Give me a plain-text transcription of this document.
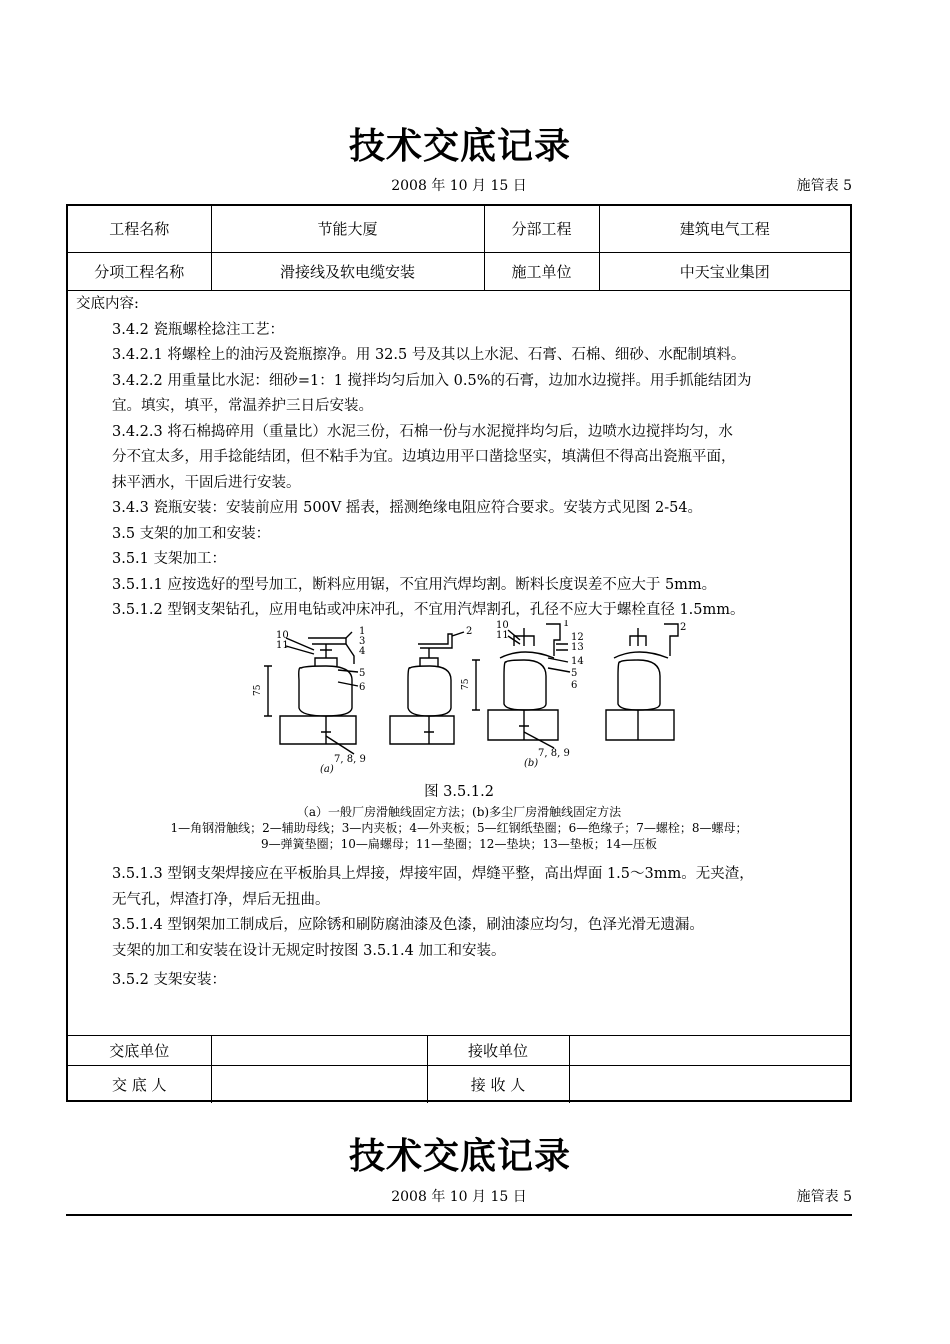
技术交底记录
2008 年 10 月 15 日	施管表 5
工程名称	节能大厦	分部工程	建筑电气工程
分项工程名称	滑接线及软电缆安装	施工单位	中天宝业集团

交底内容:

3.4.2 瓷瓶螺栓捻注工艺：

3.4.2.1 将螺栓上的油污及瓷瓶擦净。用 32.5 号及其以上水泥、石膏、石棉、细砂、水配制填料。

3.4.2.2 用重量比水泥：细砂=1：1 搅拌均匀后加入 0.5%的石膏，边加水边搅拌。用手抓能结团为

宜。填实，填平，常温养护三日后安装。

3.4.2.3 将石棉捣碎用（重量比）水泥三份，石棉一份与水泥搅拌均匀后，边喷水边搅拌均匀，水

分不宜太多，用手捻能结团，但不粘手为宜。边填边用平口凿捻坚实，填满但不得高出瓷瓶平面，

抹平洒水，干固后进行安装。

3.4.3 瓷瓶安装：安装前应用 500V 摇表，摇测绝缘电阻应符合要求。安装方式见图 2-54。

3.5 支架的加工和安装：

3.5.1 支架加工：

3.5.1.1 应按选好的型号加工，断料应用锯，不宜用汽焊均割。断料长度误差不应大于 5mm。

3.5.1.2 型钢支架钻孔，应用电钻或冲床冲孔，不宜用汽焊割孔，孔径不应大于螺栓直径 1.5mm。

10
11
1
3
4
5
6
7, 8, 9
(a)
75
2
10
11
1
12
13
14
5
6
7, 8, 9
(b)
75
2
图 3.5.1.2
（a）一般厂房滑触线固定方法；(b)多尘厂房滑触线固定方法
1—角钢滑触线；2—辅助母线；3—内夹板；4—外夹板；5—红钢纸垫圈；6—绝缘子；7—螺栓；8—螺母；
9—弹簧垫圈；10—扁螺母；11—垫圈；12—垫块；13—垫板；14—压板

3.5.1.3 型钢支架焊接应在平板胎具上焊接，焊接牢固，焊缝平整，高出焊面 1.5～3mm。无夹渣，

无气孔，焊渣打净，焊后无扭曲。

3.5.1.4 型钢架加工制成后，应除锈和刷防腐油漆及色漆，刷油漆应均匀，色泽光滑无遗漏。

支架的加工和安装在设计无规定时按图 3.5.1.4 加工和安装。

3.5.2 支架安装：

交底单位		接收单位	
交 底 人		接 收 人	
技术交底记录
2008 年 10 月 15 日	施管表 5
